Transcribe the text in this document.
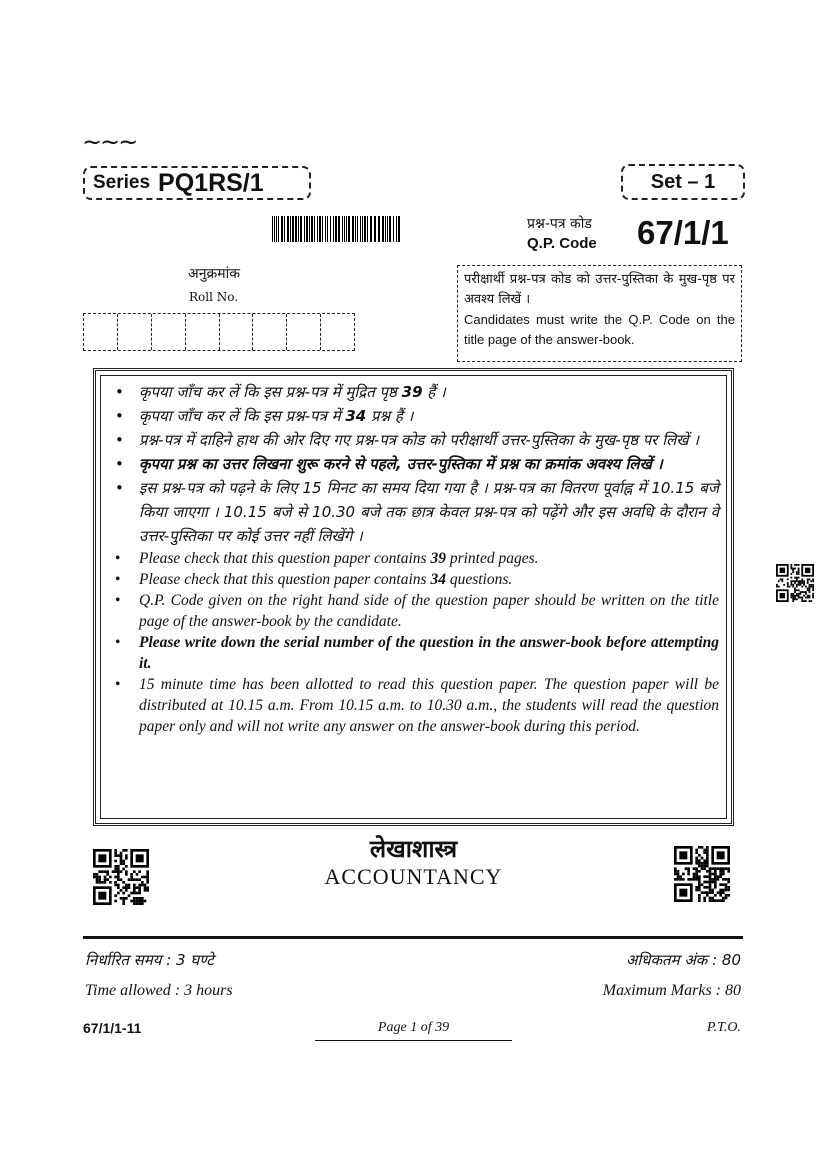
~~~
Series PQ1RS/1	Set – 1
प्रश्न-पत्र कोड
Q.P. Code 67/1/1
अनुक्रमांक
Roll No.
परीक्षार्थी प्रश्न-पत्र कोड को उत्तर-पुस्तिका के मुख-पृष्ठ पर अवश्य लिखें ।
Candidates must write the Q.P. Code on the title page of the answer-book.
• कृपया जाँच कर लें कि इस प्रश्न-पत्र में मुद्रित पृष्ठ 39 हैं ।
• कृपया जाँच कर लें कि इस प्रश्न-पत्र में 34 प्रश्न हैं ।
• प्रश्न-पत्र में दाहिने हाथ की ओर दिए गए प्रश्न-पत्र कोड को परीक्षार्थी उत्तर-पुस्तिका के मुख-पृष्ठ पर लिखें ।
• कृपया प्रश्न का उत्तर लिखना शुरू करने से पहले, उत्तर-पुस्तिका में प्रश्न का क्रमांक अवश्य लिखें ।
• इस प्रश्न-पत्र को पढ़ने के लिए 15 मिनट का समय दिया गया है । प्रश्न-पत्र का वितरण पूर्वाह्न में 10.15 बजे किया जाएगा । 10.15 बजे से 10.30 बजे तक छात्र केवल प्रश्न-पत्र को पढ़ेंगे और इस अवधि के दौरान वे उत्तर-पुस्तिका पर कोई उत्तर नहीं लिखेंगे ।
• Please check that this question paper contains 39 printed pages.
• Please check that this question paper contains 34 questions.
• Q.P. Code given on the right hand side of the question paper should be written on the title page of the answer-book by the candidate.
• Please write down the serial number of the question in the answer-book before attempting it.
• 15 minute time has been allotted to read this question paper. The question paper will be distributed at 10.15 a.m. From 10.15 a.m. to 10.30 a.m., the students will read the question paper only and will not write any answer on the answer-book during this period.
लेखाशास्त्र
ACCOUNTANCY
निर्धारित समय : 3 घण्टे	अधिकतम अंक : 80
Time allowed : 3 hours	Maximum Marks : 80
67/1/1-11	Page 1 of 39	P.T.O.
